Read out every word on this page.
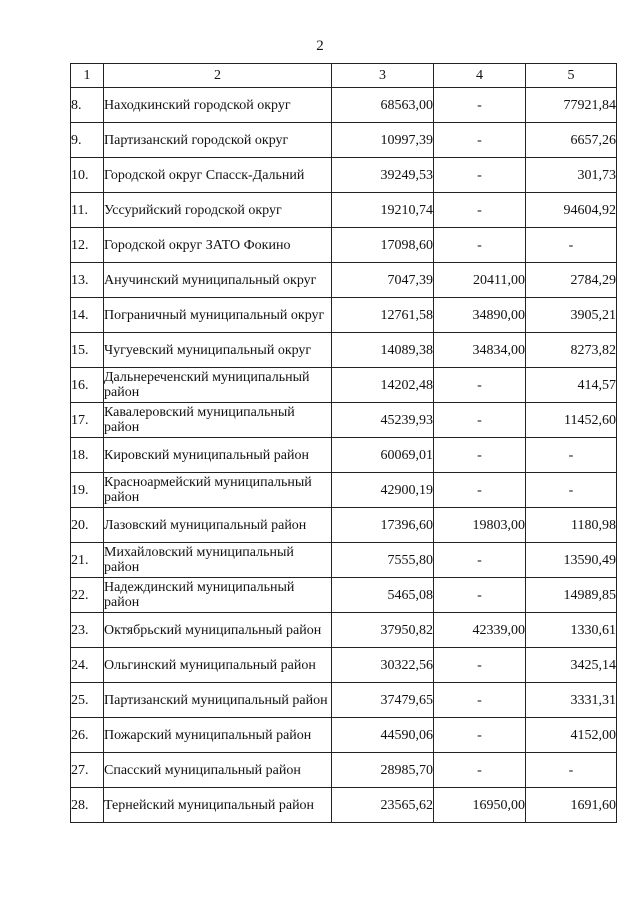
2
1	2	3	4	5
8.	Находкинский городской округ	68563,00	-	77921,84
9.	Партизанский городской округ	10997,39	-	6657,26
10.	Городской округ Спасск-Дальний	39249,53	-	301,73
11.	Уссурийский городской округ	19210,74	-	94604,92
12.	Городской округ ЗАТО Фокино	17098,60	-	-
13.	Анучинский муниципальный округ	7047,39	20411,00	2784,29
14.	Пограничный муниципальный округ	12761,58	34890,00	3905,21
15.	Чугуевский муниципальный округ	14089,38	34834,00	8273,82
16.	Дальнереченский муниципальный район	14202,48	-	414,57
17.	Кавалеровский муниципальный район	45239,93	-	11452,60
18.	Кировский муниципальный район	60069,01	-	-
19.	Красноармейский муниципальный район	42900,19	-	-
20.	Лазовский муниципальный район	17396,60	19803,00	1180,98
21.	Михайловский муниципальный район	7555,80	-	13590,49
22.	Надеждинский муниципальный район	5465,08	-	14989,85
23.	Октябрьский муниципальный район	37950,82	42339,00	1330,61
24.	Ольгинский муниципальный район	30322,56	-	3425,14
25.	Партизанский муниципальный район	37479,65	-	3331,31
26.	Пожарский муниципальный район	44590,06	-	4152,00
27.	Спасский муниципальный район	28985,70	-	-
28.	Тернейский муниципальный район	23565,62	16950,00	1691,60
